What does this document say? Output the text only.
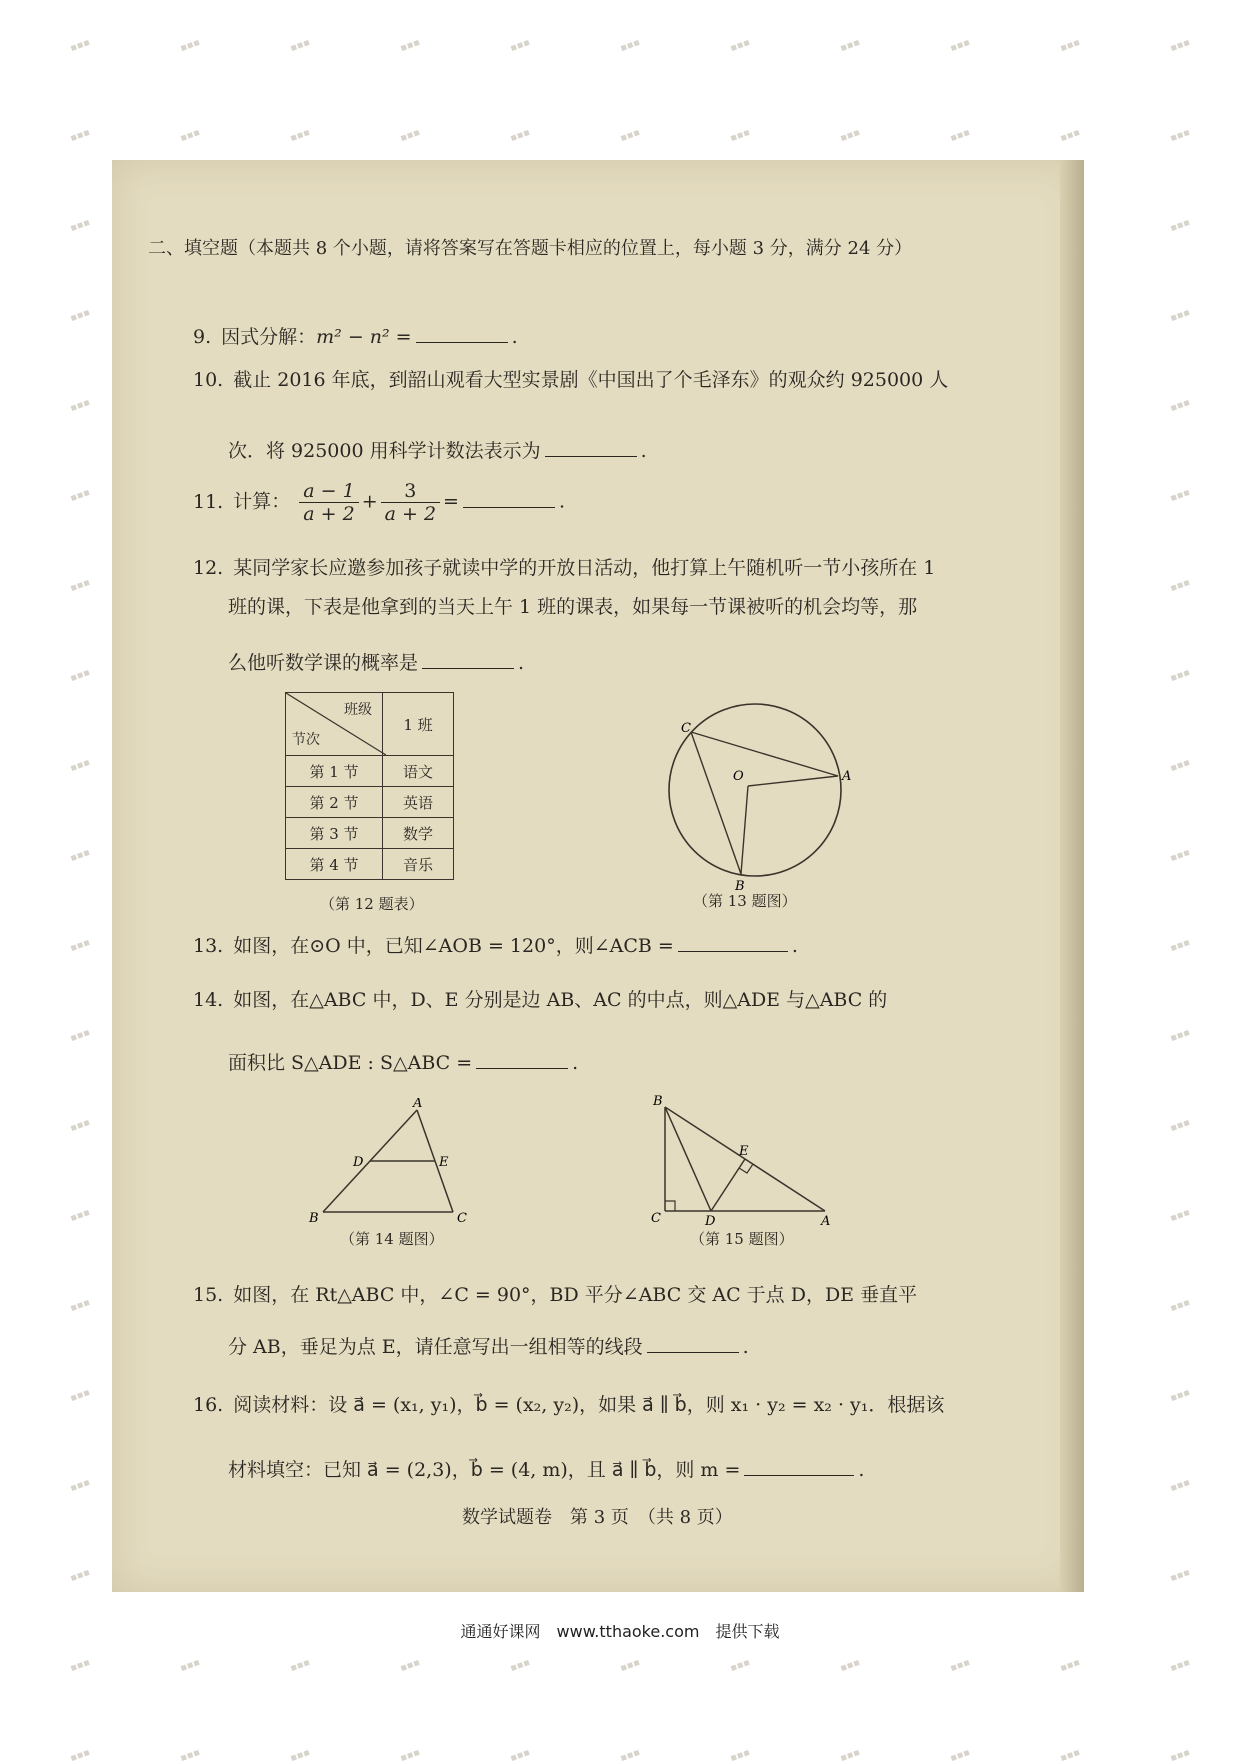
▪▪▪	▪▪▪	▪▪▪	▪▪▪	▪▪▪	▪▪▪	▪▪▪	▪▪▪	▪▪▪	▪▪▪	▪▪▪
▪▪▪	▪▪▪	▪▪▪	▪▪▪	▪▪▪	▪▪▪	▪▪▪	▪▪▪	▪▪▪	▪▪▪	▪▪▪
▪▪▪	▪▪▪
▪▪▪	▪▪▪
▪▪▪	▪▪▪
▪▪▪	▪▪▪
▪▪▪	▪▪▪
▪▪▪	▪▪▪
▪▪▪	▪▪▪
▪▪▪	▪▪▪
▪▪▪	▪▪▪
▪▪▪	▪▪▪
▪▪▪	▪▪▪
▪▪▪	▪▪▪
▪▪▪	▪▪▪
▪▪▪	▪▪▪
▪▪▪	▪▪▪
▪▪▪	▪▪▪
▪▪▪	▪▪▪	▪▪▪	▪▪▪	▪▪▪	▪▪▪	▪▪▪	▪▪▪	▪▪▪	▪▪▪	▪▪▪
▪▪▪	▪▪▪	▪▪▪	▪▪▪	▪▪▪	▪▪▪	▪▪▪	▪▪▪	▪▪▪	▪▪▪	▪▪▪
二、填空题（本题共 8 个小题，请将答案写在答题卡相应的位置上，每小题 3 分，满分 24 分）
9. 因式分解：m² − n² =	.
10. 截止 2016 年底，到韶山观看大型实景剧《中国出了个毛泽东》的观众约 925000 人
次．将 925000 用科学计数法表示为	.
11. 计算： $\frac{a - 1}{a + 2} + \frac{3}{a + 2}$ =	.
12. 某同学家长应邀参加孩子就读中学的开放日活动，他打算上午随机听一节小孩所在 1
班的课，下表是他拿到的当天上午 1 班的课表，如果每一节课被听的机会均等，那
么他听数学课的概率是	.
班级
节次	1 班
第 1 节	语文
第 2 节	英语
第 3 节	数学
第 4 节	音乐
（第 12 题表）
C
A
O
B
（第 13 题图）
13. 如图，在⊙O 中，已知∠AOB = 120°，则∠ACB =	.
14. 如图，在△ABC 中，D、E 分别是边 AB、AC 的中点，则△ADE 与△ABC 的
面积比 S△ADE : S△ABC =	.
A
D	E
B	C
（第 14 题图）
B
E
C	D	A
（第 15 题图）
15. 如图，在 Rt△ABC 中，∠C = 90°，BD 平分∠ABC 交 AC 于点 D，DE 垂直平
分 AB，垂足为点 E，请任意写出一组相等的线段	.
16. 阅读材料：设 a⃗ = (x₁, y₁)，b⃗ = (x₂, y₂)，如果 a⃗ ∥ b⃗，则 x₁ · y₂ = x₂ · y₁．根据该
材料填空：已知 a⃗ = (2,3)，b⃗ = (4, m)，且 a⃗ ∥ b⃗，则 m =	.
数学试题卷　第 3 页　（共 8 页）
通通好课网　www.tthaoke.com　提供下载
